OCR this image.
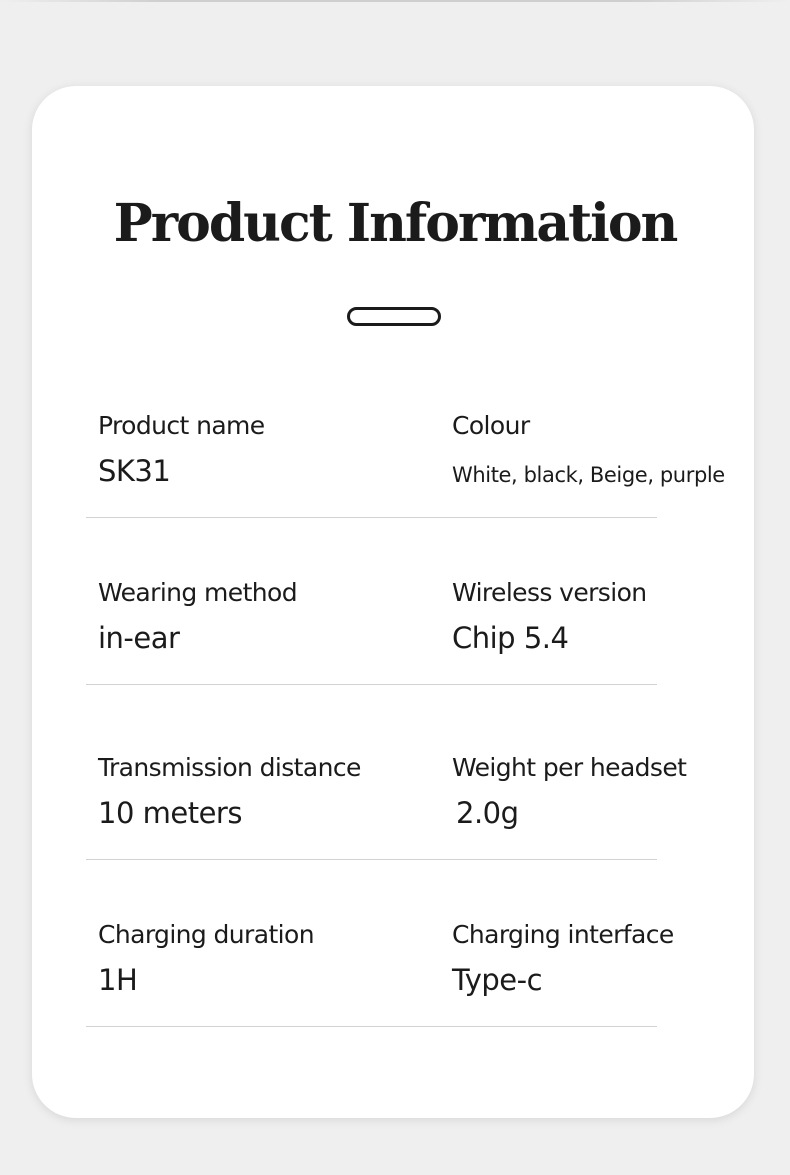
Product Information
Product name
SK31
Colour
White, black, Beige, purple
Wearing method
in-ear
Wireless version
Chip 5.4
Transmission distance
10 meters
Weight per headset
2.0g
Charging duration
1H
Charging interface
Type-c
